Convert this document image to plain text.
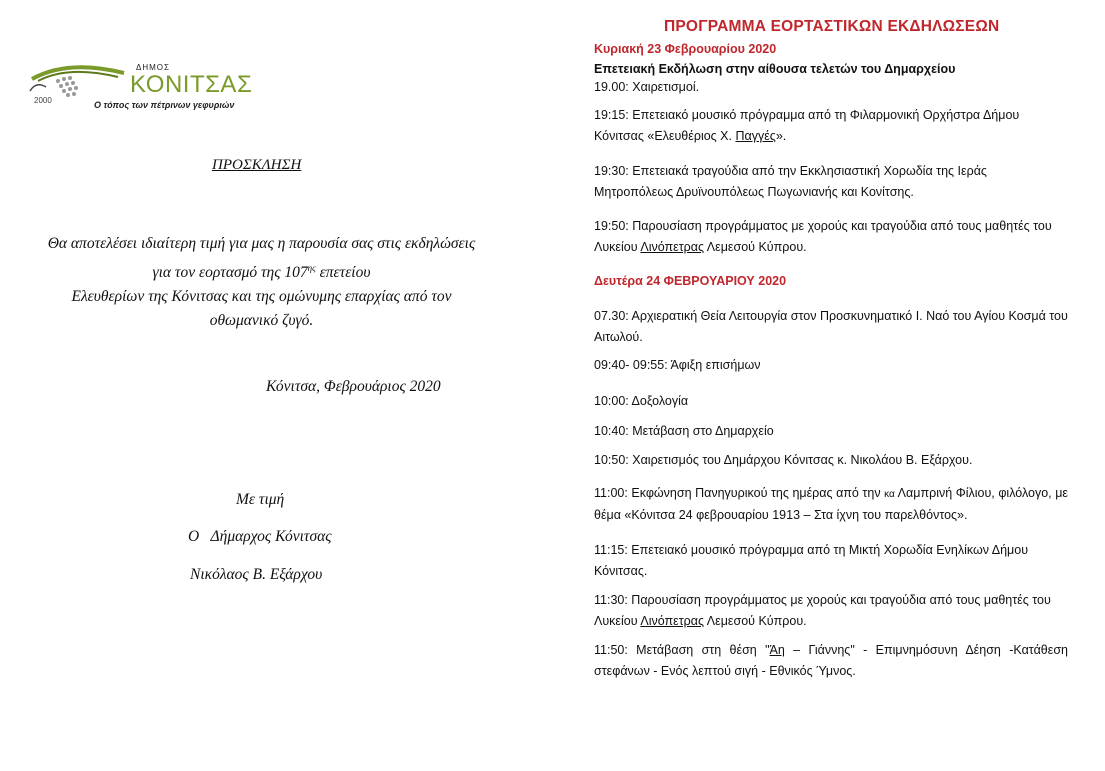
2000
ΔΗΜΟΣ
ΚΟΝΙΤΣΑΣ
Ο τόπος των πέτρινων γεφυριών
ΠΡΟΣΚΛΗΣΗ
Θα αποτελέσει ιδιαίτερη τιμή για μας η παρουσία σας στις εκδηλώσεις
για τον εορτασμό της $107^{\eta\varsigma}$ επετείου
Ελευθερίων της Κόνιτσας και της ομώνυμης επαρχίας από τον
οθωμανικό ζυγό.
Κόνιτσα, Φεβρουάριος 2020
Με τιμή
Ο   Δήμαρχος Κόνιτσας
Νικόλαος Β. Εξάρχου
ΠΡΟΓΡΑΜΜΑ ΕΟΡΤΑΣΤΙΚΩΝ ΕΚΔΗΛΩΣΕΩΝ
Κυριακή 23 Φεβρουαρίου 2020
Επετειακή Εκδήλωση στην αίθουσα τελετών του Δημαρχείου
19.00: Χαιρετισμοί.
19:15: Επετειακό μουσικό πρόγραμμα από τη Φιλαρμονική Ορχήστρα Δήμου Κόνιτσας «Ελευθέριος Χ. Παγγές».
19:30: Επετειακά τραγούδια από την Εκκλησιαστική Χορωδία της Ιεράς Μητροπόλεως Δρυϊνουπόλεως Πωγωνιανής και Κονίτσης.
19:50: Παρουσίαση προγράμματος με χορούς και τραγούδια από τους μαθητές του Λυκείου Λινόπετρας Λεμεσού Κύπρου.
Δευτέρα 24 ΦΕΒΡΟΥΑΡΙΟΥ 2020
07.30: Αρχιερατική Θεία Λειτουργία στον Προσκυνηματικό Ι. Ναό του Αγίου Κοσμά του Αιτωλού.
09:40- 09:55: Άφιξη επισήμων
10:00: Δοξολογία
10:40: Μετάβαση στο Δημαρχείο
10:50: Χαιρετισμός του Δημάρχου Κόνιτσας κ. Νικολάου Β. Εξάρχου.
11:00: Εκφώνηση Πανηγυρικού της ημέρας από την κα Λαμπρινή Φίλιου, φιλόλογο, με θέμα «Κόνιτσα 24 φεβρουαρίου 1913 – Στα ίχνη του παρελθόντος».
11:15: Επετειακό μουσικό πρόγραμμα από τη Μικτή Χορωδία Ενηλίκων Δήμου Κόνιτσας.
11:30: Παρουσίαση προγράμματος με χορούς και τραγούδια από τους μαθητές του Λυκείου Λινόπετρας Λεμεσού Κύπρου.
11:50: Μετάβαση στη θέση "Άη – Γιάννης" - Επιμνημόσυνη Δέηση -Κατάθεση στεφάνων - Ενός λεπτού σιγή - Εθνικός Ύμνος.
